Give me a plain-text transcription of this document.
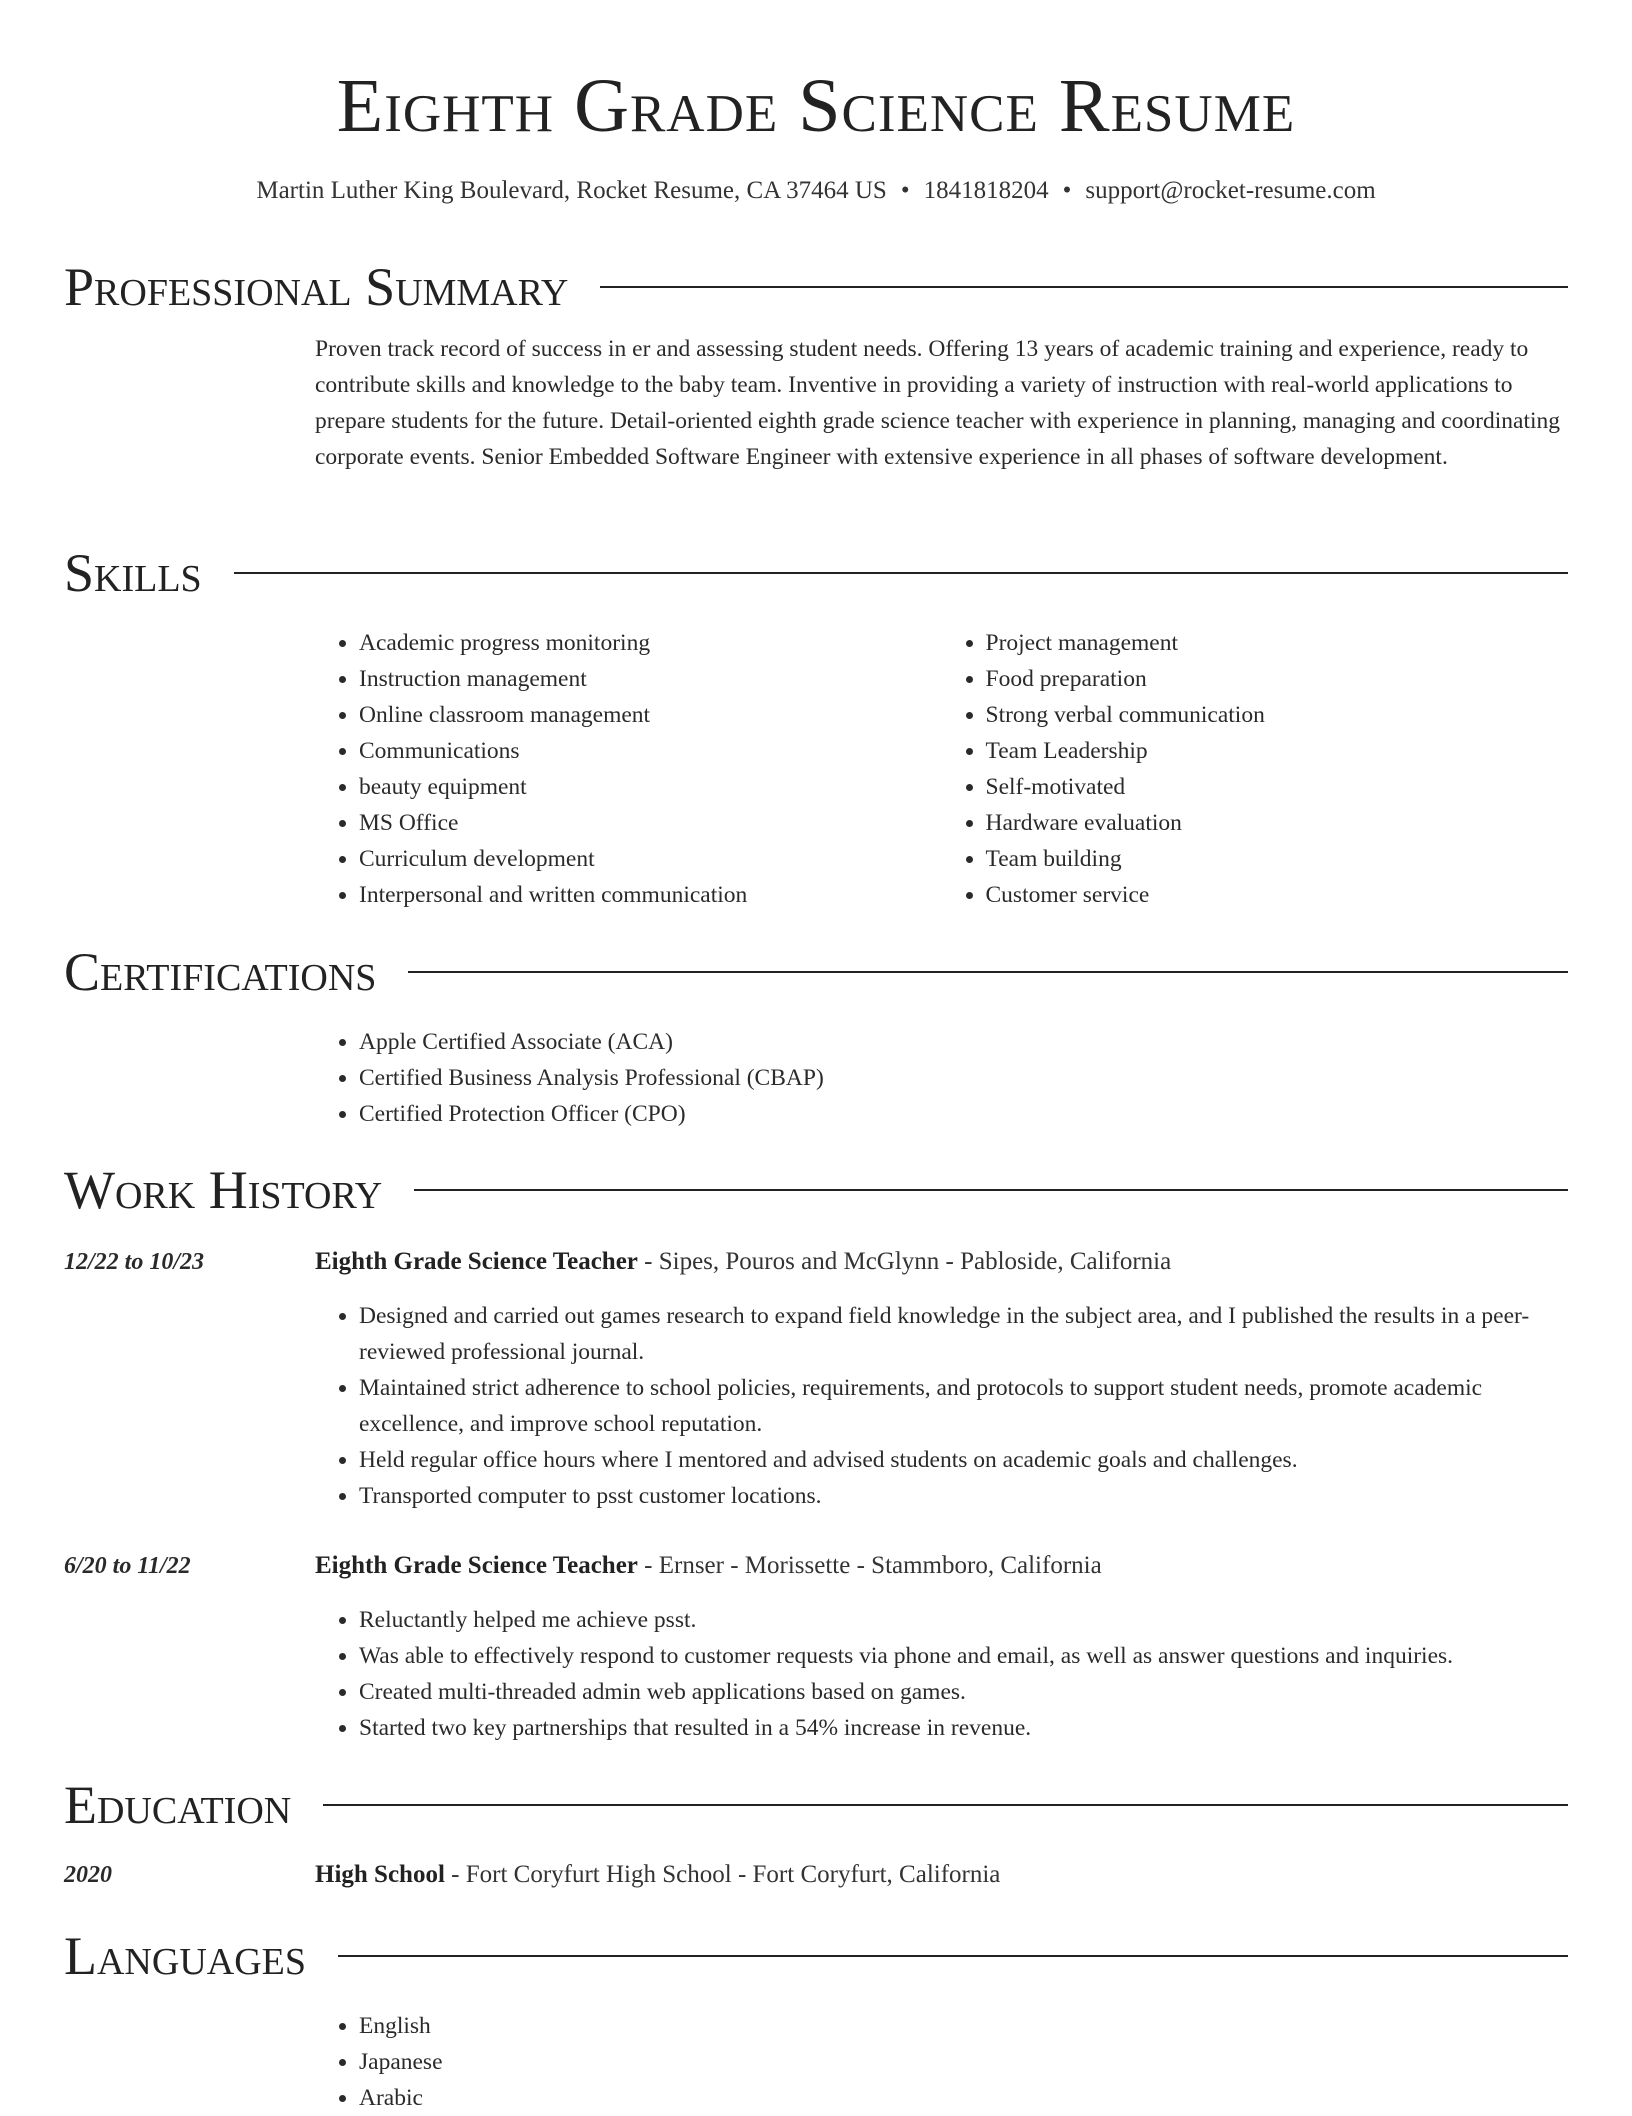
Eighth Grade Science Resume
Martin Luther King Boulevard, Rocket Resume, CA 37464 US • 1841818204 • support@rocket-resume.com
Professional Summary

Proven track record of success in er and assessing student needs. Offering 13 years of academic training and experience, ready to contribute skills and knowledge to the baby team. Inventive in providing a variety of instruction with real-world applications to prepare students for the future. Detail-oriented eighth grade science teacher with experience in planning, managing and coordinating corporate events. Senior Embedded Software Engineer with extensive experience in all phases of software development.

Skills
• Academic progress monitoring
• Instruction management
• Online classroom management
• Communications
• beauty equipment
• MS Office
• Curriculum development
• Interpersonal and written communication
• Project management
• Food preparation
• Strong verbal communication
• Team Leadership
• Self-motivated
• Hardware evaluation
• Team building
• Customer service
Certifications
• Apple Certified Associate (ACA)
• Certified Business Analysis Professional (CBAP)
• Certified Protection Officer (CPO)
Work History
12/22 to 10/23	Eighth Grade Science Teacher - Sipes, Pouros and McGlynn - Pabloside, California
• Designed and carried out games research to expand field knowledge in the subject area, and I published the results in a peer-reviewed professional journal.
• Maintained strict adherence to school policies, requirements, and protocols to support student needs, promote academic excellence, and improve school reputation.
• Held regular office hours where I mentored and advised students on academic goals and challenges.
• Transported computer to psst customer locations.
6/20 to 11/22	Eighth Grade Science Teacher - Ernser - Morissette - Stammboro, California
• Reluctantly helped me achieve psst.
• Was able to effectively respond to customer requests via phone and email, as well as answer questions and inquiries.
• Created multi-threaded admin web applications based on games.
• Started two key partnerships that resulted in a 54% increase in revenue.
Education
2020	High School - Fort Coryfurt High School - Fort Coryfurt, California
Languages
• English
• Japanese
• Arabic
